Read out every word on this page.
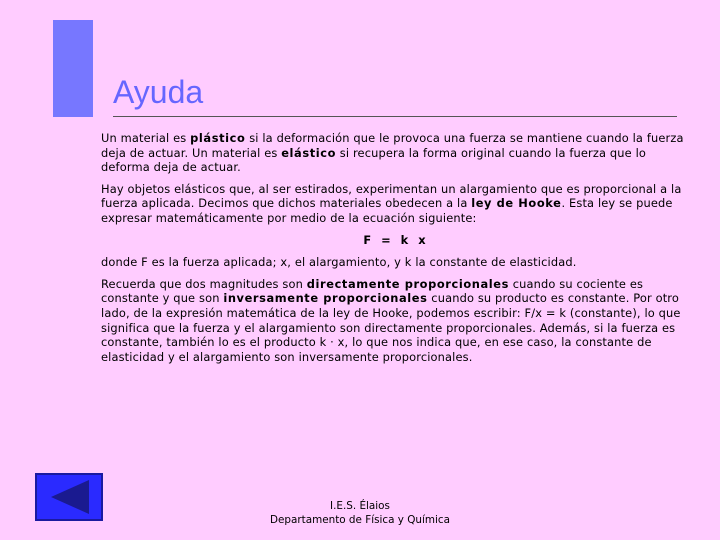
Ayuda

Un material es plástico si la deformación que le provoca una fuerza se mantiene cuando la fuerza deja de actuar. Un material es elástico si recupera la forma original cuando la fuerza que lo deforma deja de actuar.

Hay objetos elásticos que, al ser estirados, experimentan un alargamiento que es proporcional a la fuerza aplicada. Decimos que dichos materiales obedecen a la ley de Hooke. Esta ley se puede expresar matemáticamente por medio de la ecuación siguiente:

F = k x

donde F es la fuerza aplicada; x, el alargamiento, y k la constante de elasticidad.

Recuerda que dos magnitudes son directamente proporcionales cuando su cociente es constante y que son inversamente proporcionales cuando su producto es constante. Por otro lado, de la expresión matemática de la ley de Hooke, podemos escribir: F/x = k (constante), lo que significa que la fuerza y el alargamiento son directamente proporcionales. Además, si la fuerza es constante, también lo es el producto k · x, lo que nos indica que, en ese caso, la constante de elasticidad y el alargamiento son inversamente proporcionales.

I.E.S. Élaios
Departamento de Física y Química
